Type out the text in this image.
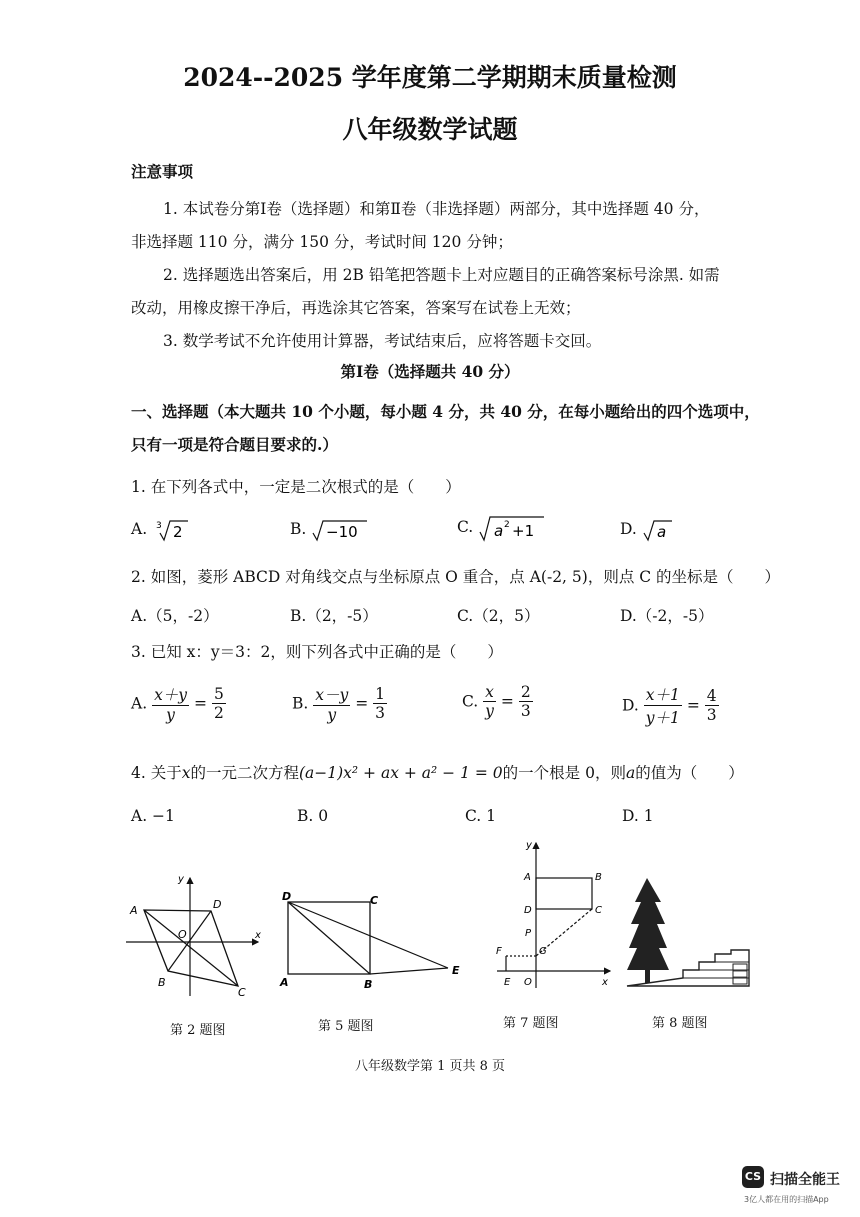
2024--2025 学年度第二学期期末质量检测
八年级数学试题
注意事项
1. 本试卷分第Ⅰ卷（选择题）和第Ⅱ卷（非选择题）两部分，其中选择题 40 分，
非选择题 110 分，满分 150 分，考试时间 120 分钟；
2. 选择题选出答案后，用 2B 铅笔把答题卡上对应题目的正确答案标号涂黑. 如需
改动，用橡皮擦干净后，再选涂其它答案，答案写在试卷上无效；
3. 数学考试不允许使用计算器，考试结束后，应将答题卡交回。
第Ⅰ卷（选择题共 40 分）
一、选择题（本大题共 10 个小题，每小题 4 分，共 40 分，在每小题给出的四个选项中，
只有一项是符合题目要求的.）
1. 在下列各式中，一定是二次根式的是（　　）
A. 3 2	B. −10	C. a 2 +1	D. a
2. 如图，菱形 ABCD 对角线交点与坐标原点 O 重合，点 A(-2, 5)，则点 C 的坐标是（　　）
A.（5，-2）	B.（2，-5）	C.（2，5）	D.（-2，-5）
3. 已知 x：y＝3：2，则下列各式中正确的是（　　）
A. $\frac{x+y}{y} = \frac{5}{2}$	B. $\frac{x-y}{y} = \frac{1}{3}$	C. $\frac{x}{y} = \frac{2}{3}$	D. $\frac{x+1}{y+1} = \frac{4}{3}$
4. 关于x的一元二次方程(a−1)x² + ax + a² − 1 = 0的一个根是 0，则a的值为（　　）
A. −1	B. 0	C. 1	D. 1
A	D
O
B
C
x
y
第 2 题图
D	C
A	B
E
第 5 题图
A	B
D	C
P
F	G
E O	x
y
第 7 题图	第 8 题图
八年级数学第 1 页共 8 页
CS 扫描全能王
3亿人都在用的扫描App
